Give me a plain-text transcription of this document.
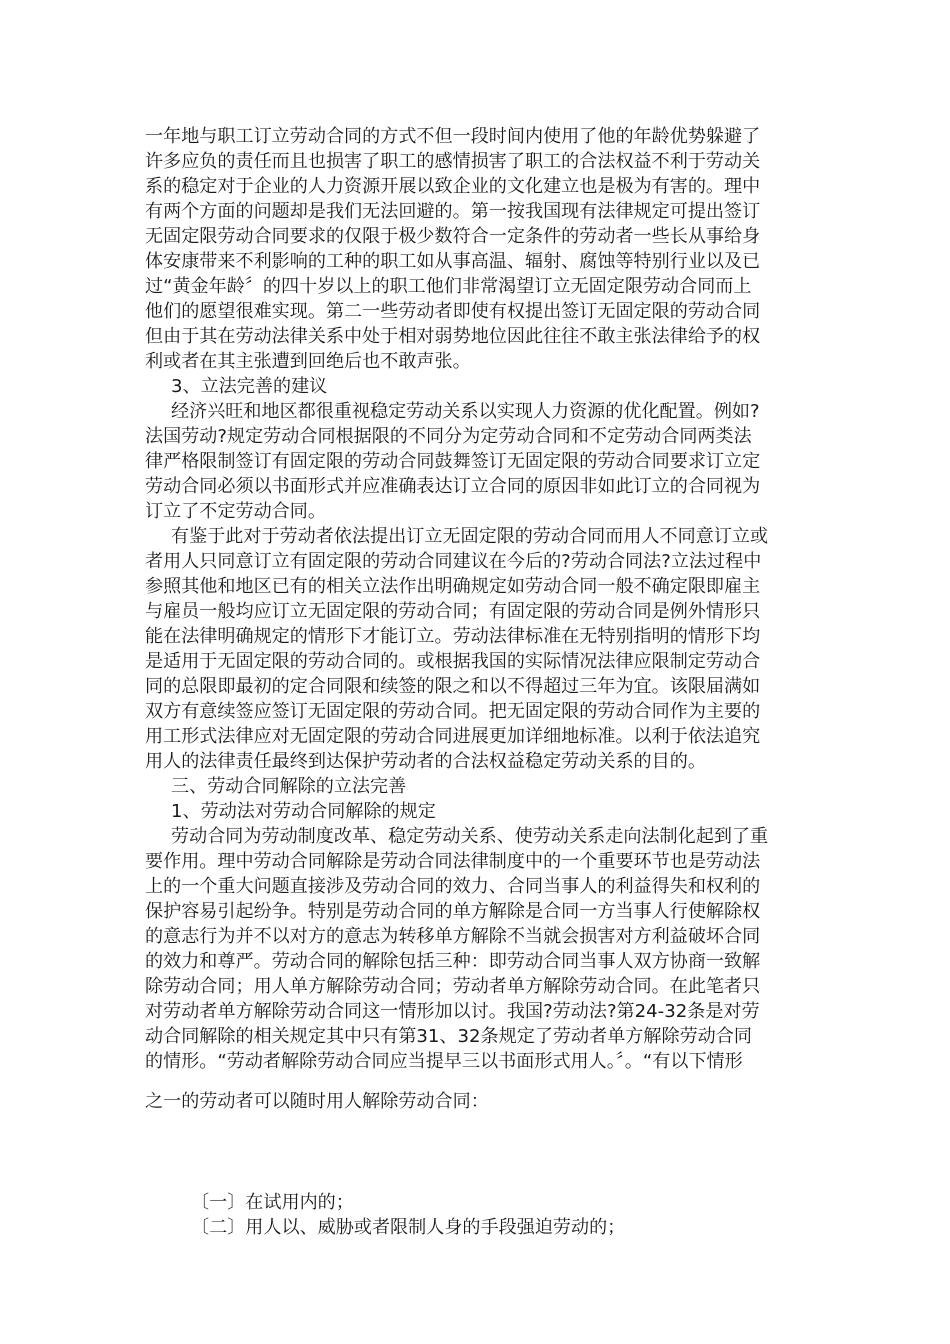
一年地与职工订立劳动合同的方式不但一段时间内使用了他的年龄优势躲避了
许多应负的责任而且也损害了职工的感情损害了职工的合法权益不利于劳动关
系的稳定对于企业的人力资源开展以致企业的文化建立也是极为有害的。理中
有两个方面的问题却是我们无法回避的。第一按我国现有法律规定可提出签订
无固定限劳动合同要求的仅限于极少数符合一定条件的劳动者一些长从事给身
体安康带来不利影响的工种的职工如从事高温、辐射、腐蚀等特别行业以及已
过“黄金年龄〞的四十岁以上的职工他们非常渴望订立无固定限劳动合同而上
他们的愿望很难实现。第二一些劳动者即使有权提出签订无固定限的劳动合同
但由于其在劳动法律关系中处于相对弱势地位因此往往不敢主张法律给予的权
利或者在其主张遭到回绝后也不敢声张。
3、立法完善的建议
经济兴旺和地区都很重视稳定劳动关系以实现人力资源的优化配置。例如?
法国劳动?规定劳动合同根据限的不同分为定劳动合同和不定劳动合同两类法
律严格限制签订有固定限的劳动合同鼓舞签订无固定限的劳动合同要求订立定
劳动合同必须以书面形式并应准确表达订立合同的原因非如此订立的合同视为
订立了不定劳动合同。
有鉴于此对于劳动者依法提出订立无固定限的劳动合同而用人不同意订立或
者用人只同意订立有固定限的劳动合同建议在今后的?劳动合同法?立法过程中
参照其他和地区已有的相关立法作出明确规定如劳动合同一般不确定限即雇主
与雇员一般均应订立无固定限的劳动合同；有固定限的劳动合同是例外情形只
能在法律明确规定的情形下才能订立。劳动法律标准在无特别指明的情形下均
是适用于无固定限的劳动合同的。或根据我国的实际情况法律应限制定劳动合
同的总限即最初的定合同限和续签的限之和以不得超过三年为宜。该限届满如
双方有意续签应签订无固定限的劳动合同。把无固定限的劳动合同作为主要的
用工形式法律应对无固定限的劳动合同进展更加详细地标准。以利于依法追究
用人的法律责任最终到达保护劳动者的合法权益稳定劳动关系的目的。
三、劳动合同解除的立法完善
1、劳动法对劳动合同解除的规定
劳动合同为劳动制度改革、稳定劳动关系、使劳动关系走向法制化起到了重
要作用。理中劳动合同解除是劳动合同法律制度中的一个重要环节也是劳动法
上的一个重大问题直接涉及劳动合同的效力、合同当事人的利益得失和权利的
保护容易引起纷争。特别是劳动合同的单方解除是合同一方当事人行使解除权
的意志行为并不以对方的意志为转移单方解除不当就会损害对方利益破坏合同
的效力和尊严。劳动合同的解除包括三种：即劳动合同当事人双方协商一致解
除劳动合同；用人单方解除劳动合同；劳动者单方解除劳动合同。在此笔者只
对劳动者单方解除劳动合同这一情形加以讨。我国?劳动法?第24-32条是对劳
动合同解除的相关规定其中只有第31、32条规定了劳动者单方解除劳动合同
的情形。“劳动者解除劳动合同应当提早三以书面形式用人。〞。“有以下情形
之一的劳动者可以随时用人解除劳动合同：
〔一〕在试用内的；
〔二〕用人以、威胁或者限制人身的手段强迫劳动的；
